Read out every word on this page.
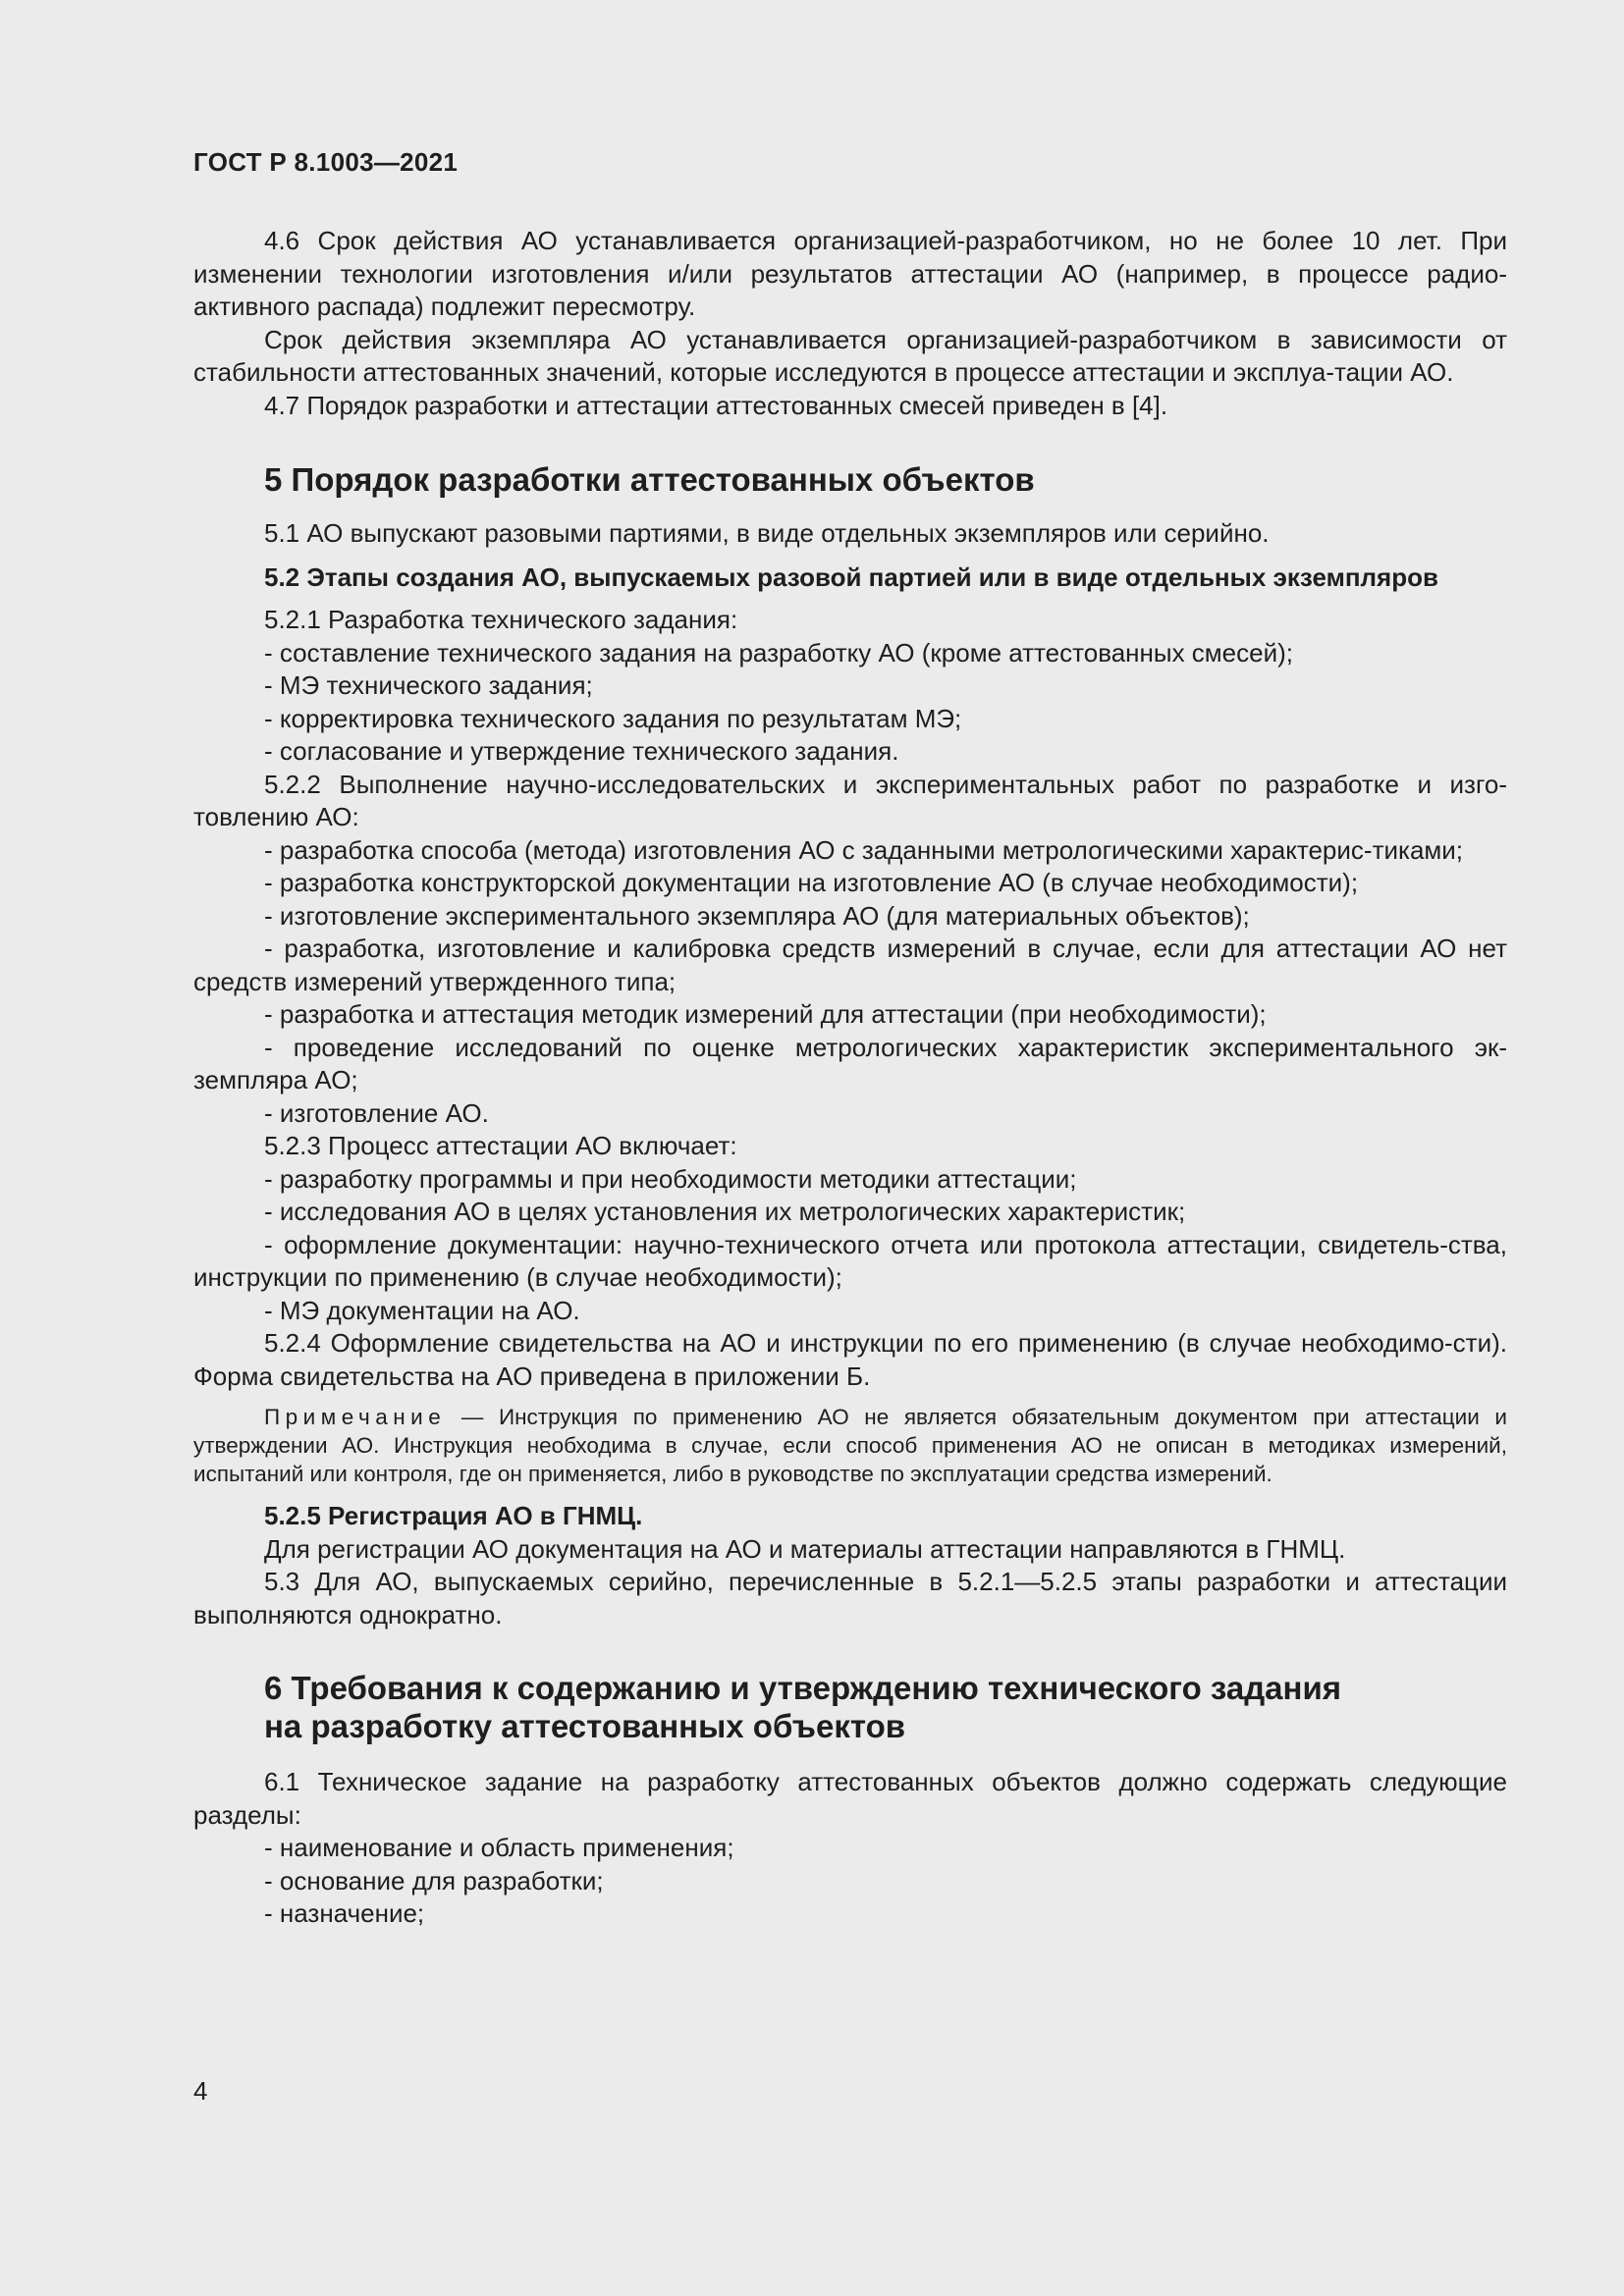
ГОСТ Р 8.1003—2021

4.6 Срок действия АО устанавливается организацией-разработчиком, но не более 10 лет. При изменении технологии изготовления и/или результатов аттестации АО (например, в процессе радио-активного распада) подлежит пересмотру.

Срок действия экземпляра АО устанавливается организацией-разработчиком в зависимости от стабильности аттестованных значений, которые исследуются в процессе аттестации и эксплуа-тации АО.

4.7 Порядок разработки и аттестации аттестованных смесей приведен в [4].

5 Порядок разработки аттестованных объектов

5.1 АО выпускают разовыми партиями, в виде отдельных экземпляров или серийно.

5.2 Этапы создания АО, выпускаемых разовой партией или в виде отдельных экземпляров

5.2.1 Разработка технического задания:

- составление технического задания на разработку АО (кроме аттестованных смесей);

- МЭ технического задания;

- корректировка технического задания по результатам МЭ;

- согласование и утверждение технического задания.

5.2.2 Выполнение научно-исследовательских и экспериментальных работ по разработке и изго-товлению АО:

- разработка способа (метода) изготовления АО с заданными метрологическими характерис-тиками;

- разработка конструкторской документации на изготовление АО (в случае необходимости);

- изготовление экспериментального экземпляра АО (для материальных объектов);

- разработка, изготовление и калибровка средств измерений в случае, если для аттестации АО нет средств измерений утвержденного типа;

- разработка и аттестация методик измерений для аттестации (при необходимости);

- проведение исследований по оценке метрологических характеристик экспериментального эк-земпляра АО;

- изготовление АО.

5.2.3 Процесс аттестации АО включает:

- разработку программы и при необходимости методики аттестации;

- исследования АО в целях установления их метрологических характеристик;

- оформление документации: научно-технического отчета или протокола аттестации, свидетель-ства, инструкции по применению (в случае необходимости);

- МЭ документации на АО.

5.2.4 Оформление свидетельства на АО и инструкции по его применению (в случае необходимо-сти). Форма свидетельства на АО приведена в приложении Б.

Примечание — Инструкция по применению АО не является обязательным документом при аттестации и утверждении АО. Инструкция необходима в случае, если способ применения АО не описан в методиках измерений, испытаний или контроля, где он применяется, либо в руководстве по эксплуатации средства измерений.

5.2.5 Регистрация АО в ГНМЦ.

Для регистрации АО документация на АО и материалы аттестации направляются в ГНМЦ.

5.3 Для АО, выпускаемых серийно, перечисленные в 5.2.1—5.2.5 этапы разработки и аттестации выполняются однократно.

6 Требования к содержанию и утверждению технического задания
на разработку аттестованных объектов

6.1 Техническое задание на разработку аттестованных объектов должно содержать следующие разделы:

- наименование и область применения;

- основание для разработки;

- назначение;

4
